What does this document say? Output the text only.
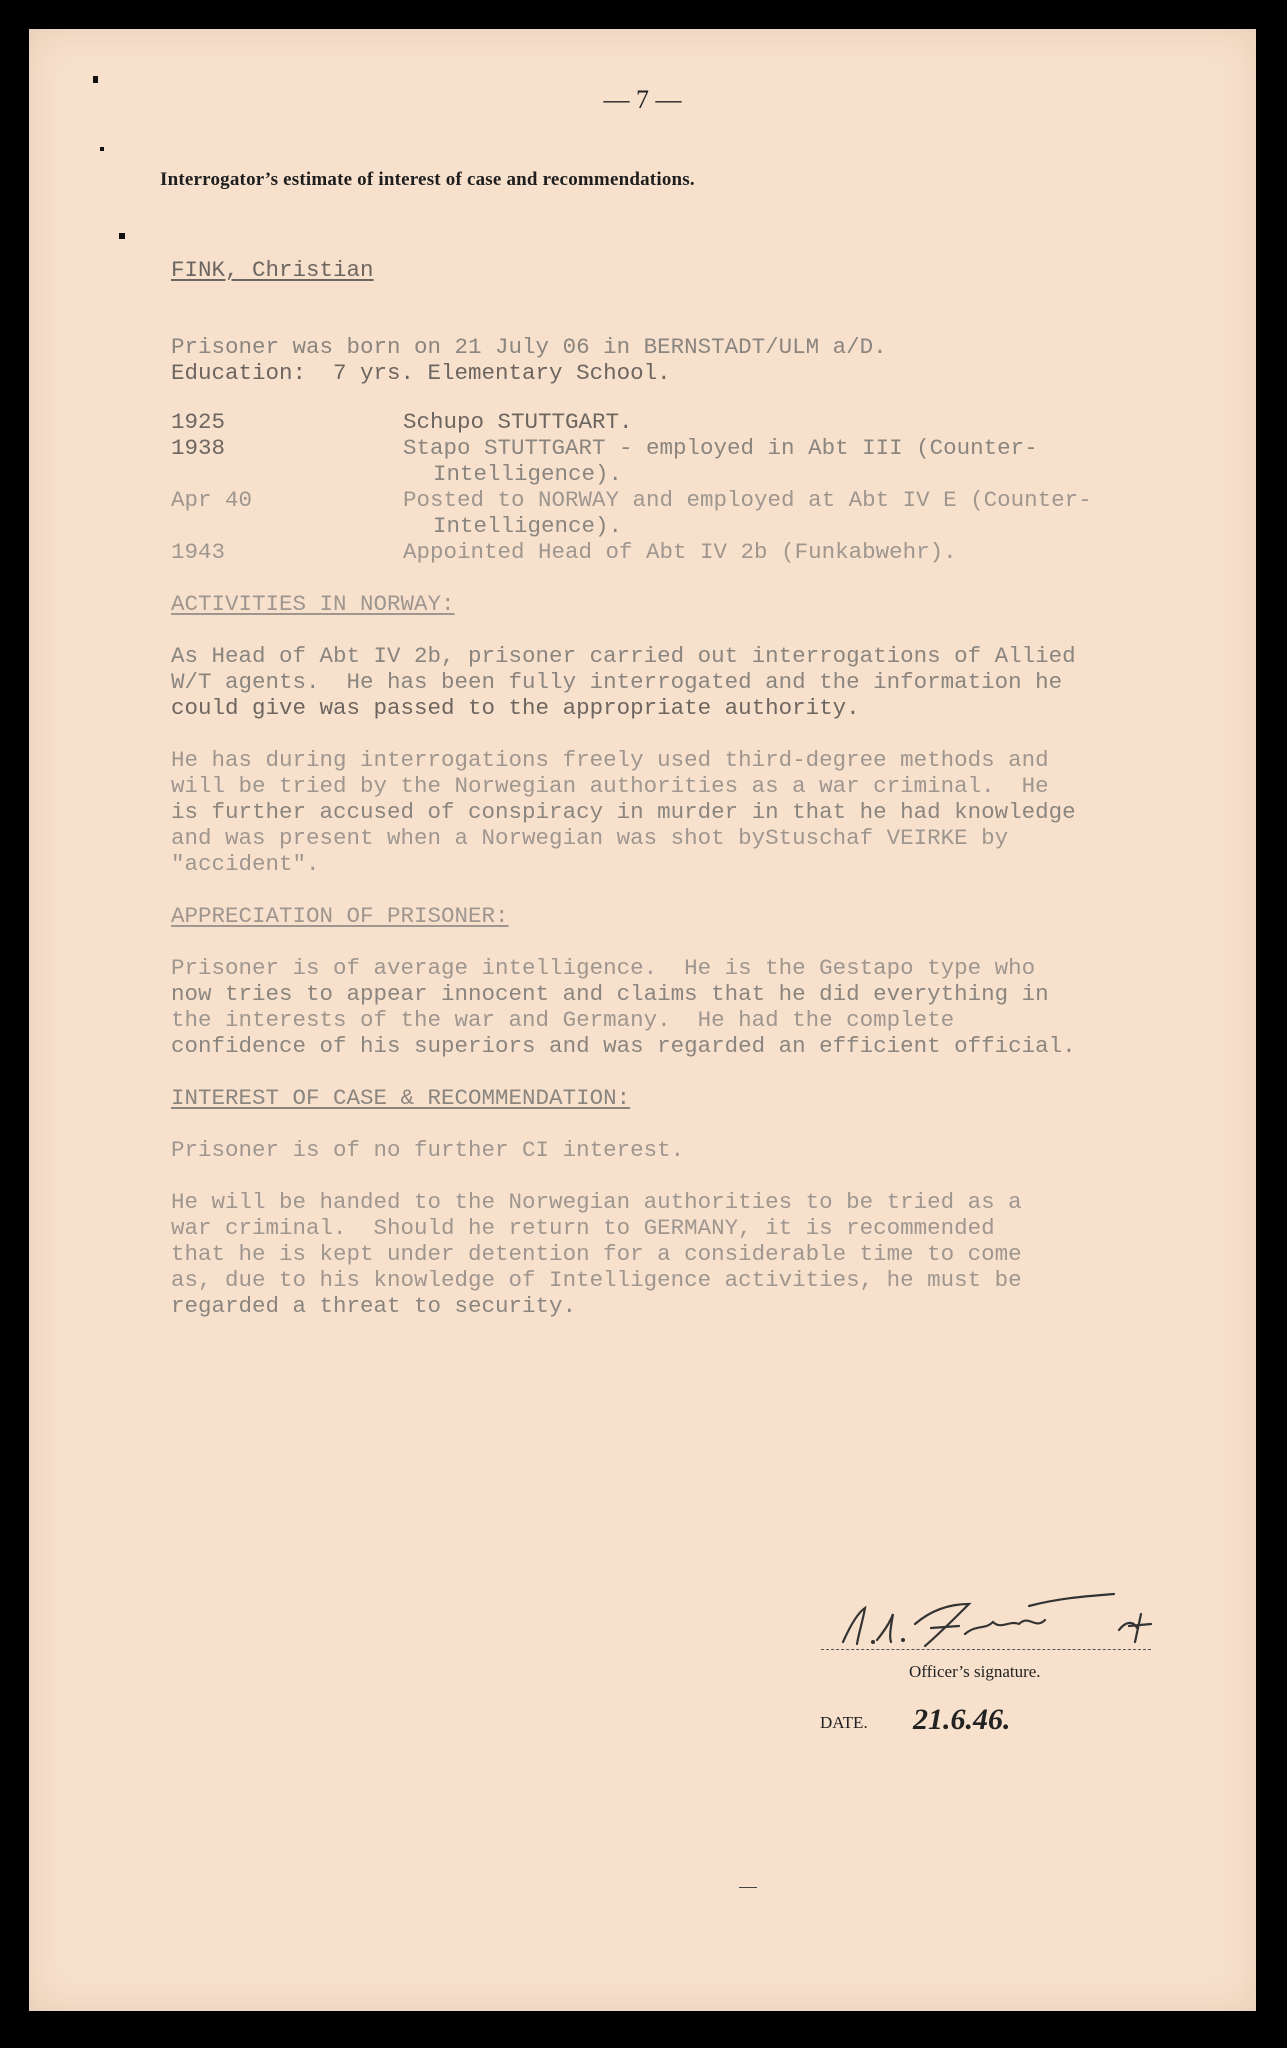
— 7 —
Interrogator’s estimate of interest of case and recommendations.
FINK, Christian
Prisoner was born on 21 July 06 in BERNSTADT/ULM a/D.
Education:  7 yrs. Elementary School.
1925	Schupo STUTTGART.
1938	Stapo STUTTGART - employed in Abt III (Counter-
Intelligence).
Apr 40	Posted to NORWAY and employed at Abt IV E (Counter-
Intelligence).
1943	Appointed Head of Abt IV 2b (Funkabwehr).
ACTIVITIES IN NORWAY:
As Head of Abt IV 2b, prisoner carried out interrogations of Allied
W/T agents.  He has been fully interrogated and the information he
could give was passed to the appropriate authority.
He has during interrogations freely used third-degree methods and
will be tried by the Norwegian authorities as a war criminal.  He
is further accused of conspiracy in murder in that he had knowledge
and was present when a Norwegian was shot byStuschaf VEIRKE by
"accident".
APPRECIATION OF PRISONER:
Prisoner is of average intelligence.  He is the Gestapo type who
now tries to appear innocent and claims that he did everything in
the interests of the war and Germany.  He had the complete
confidence of his superiors and was regarded an efficient official.
INTEREST OF CASE & RECOMMENDATION:
Prisoner is of no further CI interest.
He will be handed to the Norwegian authorities to be tried as a
war criminal.  Should he return to GERMANY, it is recommended
that he is kept under detention for a considerable time to come
as, due to his knowledge of Intelligence activities, he must be
regarded a threat to security.
Officer’s signature.
DATE. 21.6.46.
